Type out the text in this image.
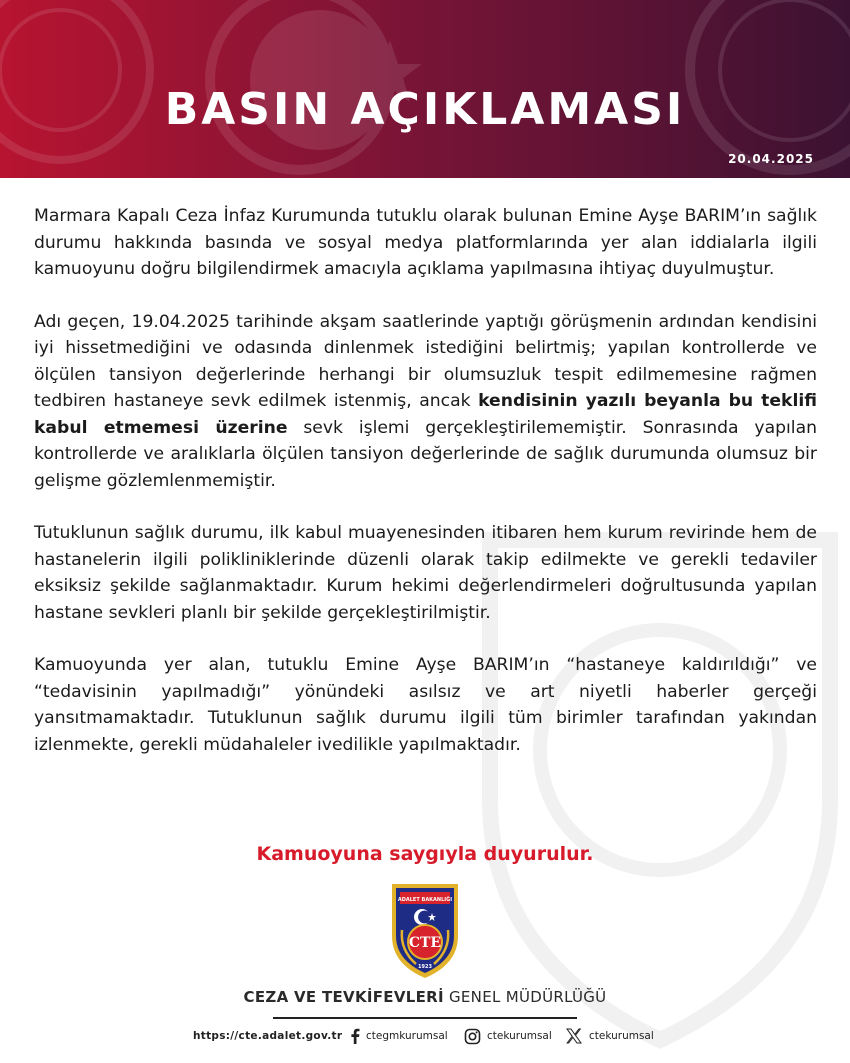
BASIN AÇIKLAMASI
20.04.2025

Marmara Kapalı Ceza İnfaz Kurumunda tutuklu olarak bulunan Emine Ayşe BARIM’ın sağlık durumu hakkında basında ve sosyal medya platformlarında yer alan iddialarla ilgili kamuoyunu doğru bilgilendirmek amacıyla açıklama yapılmasına ihtiyaç duyulmuştur.

Adı geçen, 19.04.2025 tarihinde akşam saatlerinde yaptığı görüşmenin ardından kendisini iyi hissetmediğini ve odasında dinlenmek istediğini belirtmiş; yapılan kontrollerde ve ölçülen tansiyon değerlerinde herhangi bir olumsuzluk tespit edilmemesine rağmen tedbiren hastaneye sevk edilmek istenmiş, ancak kendisinin yazılı beyanla bu teklifi kabul etmemesi üzerine sevk işlemi gerçekleştirilememiştir. Sonrasında yapılan kontrollerde ve aralıklarla ölçülen tansiyon değerlerinde de sağlık durumunda olumsuz bir gelişme gözlemlenmemiştir.

Tutuklunun sağlık durumu, ilk kabul muayenesinden itibaren hem kurum revirinde hem de hastanelerin ilgili polikliniklerinde düzenli olarak takip edilmekte ve gerekli tedaviler eksiksiz şekilde sağlanmaktadır. Kurum hekimi değerlendirmeleri doğrultusunda yapılan hastane sevkleri planlı bir şekilde gerçekleştirilmiştir.

Kamuoyunda yer alan, tutuklu Emine Ayşe BARIM’ın “hastaneye kaldırıldığı” ve “tedavisinin yapılmadığı” yönündeki asılsız ve art niyetli haberler gerçeği yansıtmamaktadır. Tutuklunun sağlık durumu ilgili tüm birimler tarafından yakından izlenmekte, gerekli müdahaleler ivedilikle yapılmaktadır.

Kamuoyuna saygıyla duyurulur.
ADALET BAKANLIĞI
CTE
1923
CEZA VE TEVKİFEVLERİ GENEL MÜDÜRLÜĞÜ
https://cte.adalet.gov.tr ctegmkurumsal	ctekurumsal	ctekurumsal
